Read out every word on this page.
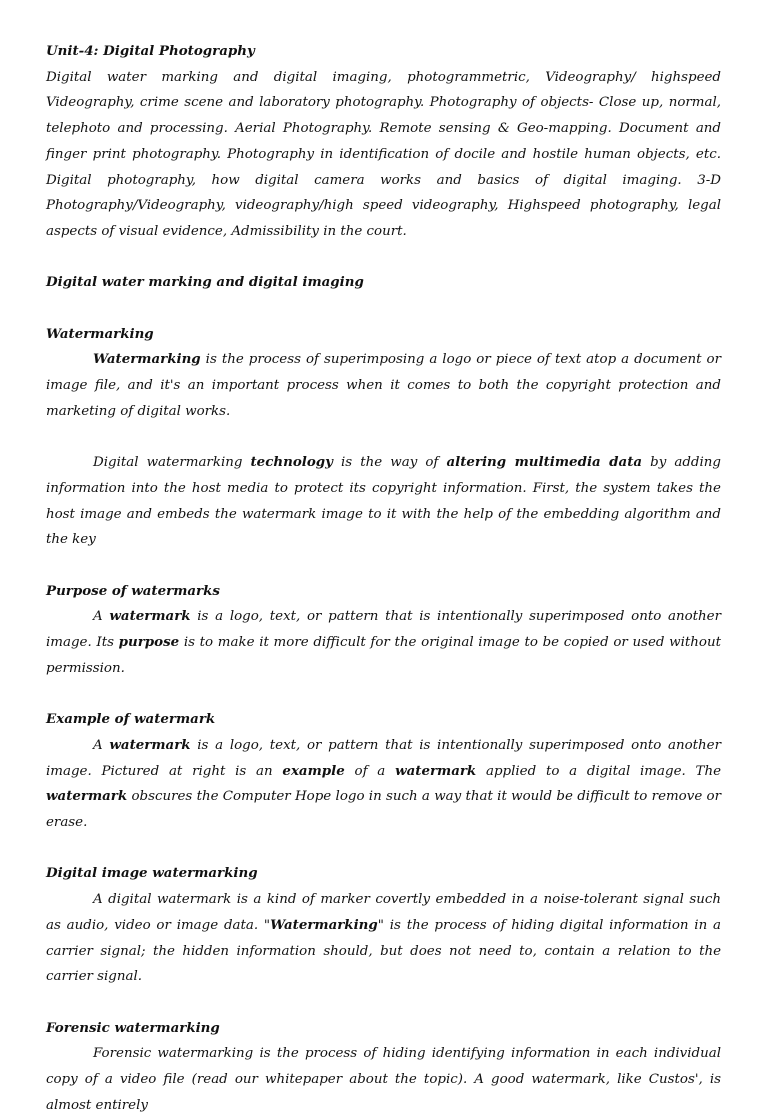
Unit-4: Digital Photography

Digital water marking and digital imaging, photogrammetric, Videography/ highspeed Videography, crime scene and laboratory photography. Photography of objects- Close up, normal, telephoto and processing. Aerial Photography. Remote sensing & Geo-mapping. Document and finger print photography. Photography in identification of docile and hostile human objects, etc. Digital photography, how digital camera works and basics of digital imaging. 3-D Photography/Videography, videography/high speed videography, Highspeed photography, legal aspects of visual evidence, Admissibility in the court.

Digital water marking and digital imaging

Watermarking

Watermarking is the process of superimposing a logo or piece of text atop a document or image file, and it's an important process when it comes to both the copyright protection and marketing of digital works.

Digital watermarking technology is the way of altering multimedia data by adding information into the host media to protect its copyright information. First, the system takes the host image and embeds the watermark image to it with the help of the embedding algorithm and the key

Purpose of watermarks

A watermark is a logo, text, or pattern that is intentionally superimposed onto another image. Its purpose is to make it more difficult for the original image to be copied or used without permission.

Example of watermark

A watermark is a logo, text, or pattern that is intentionally superimposed onto another image. Pictured at right is an example of a watermark applied to a digital image. The watermark obscures the Computer Hope logo in such a way that it would be difficult to remove or erase.

Digital image watermarking

A digital watermark is a kind of marker covertly embedded in a noise-tolerant signal such as audio, video or image data. "Watermarking" is the process of hiding digital information in a carrier signal; the hidden information should, but does not need to, contain a relation to the carrier signal.

Forensic watermarking

Forensic watermarking is the process of hiding identifying information in each individual copy of a video file (read our whitepaper about the topic). A good watermark, like Custos', is almost entirely
